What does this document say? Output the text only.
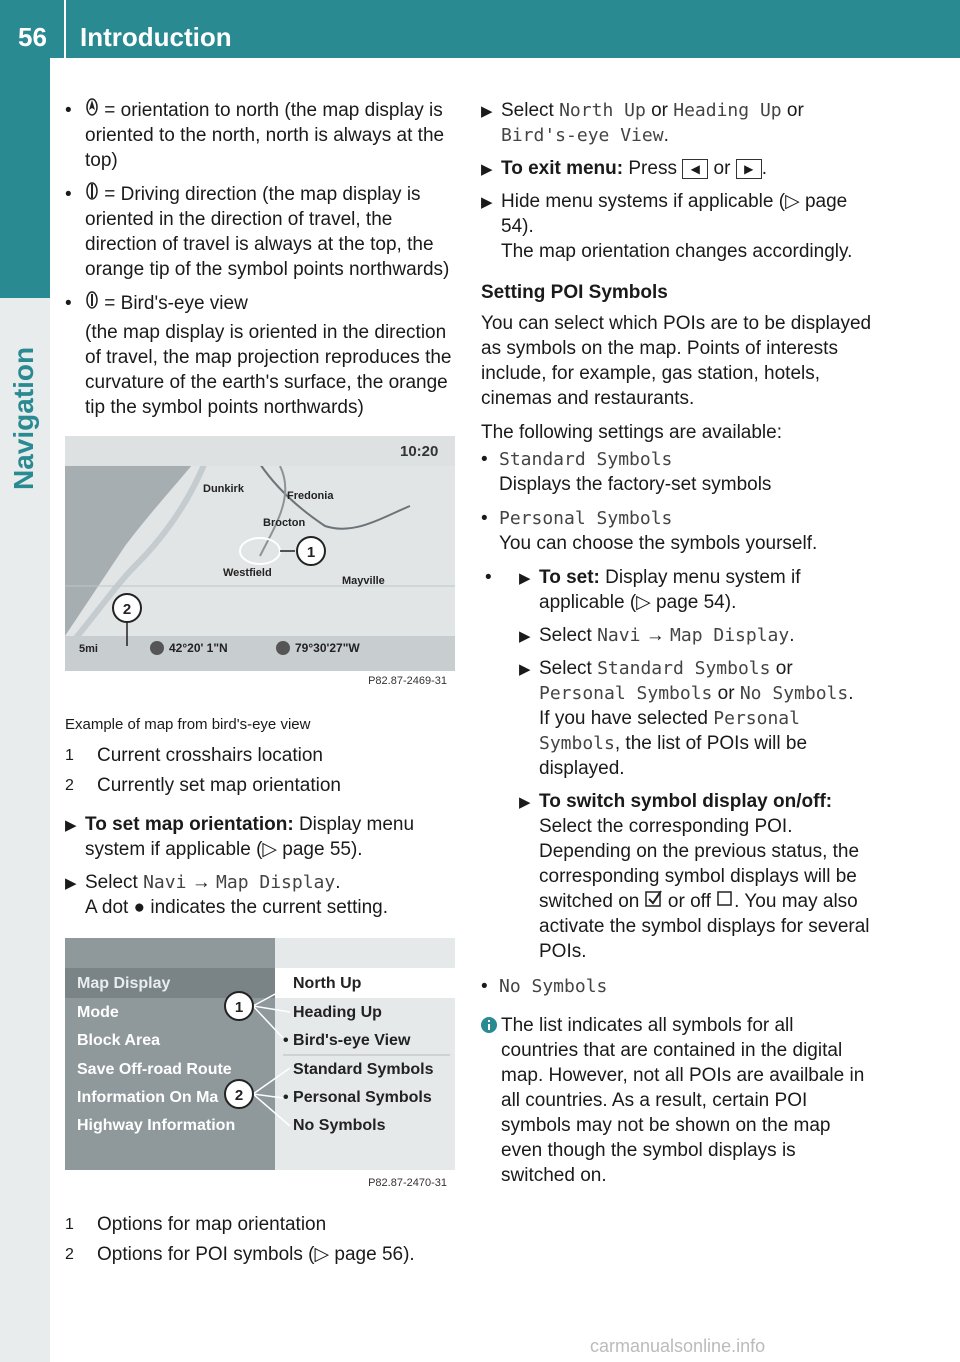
56 Introduction
Navigation
• = orientation to north (the map display is oriented to the north, north is always at the top)
• = Driving direction (the map display is oriented in the direction of travel, the direction of travel is always at the top, the orange tip of the symbol points northwards)
• = Bird's-eye view
(the map display is oriented in the direction of travel, the map projection reproduces the curvature of the earth's surface, the orange tip the symbol points northwards)
10:20
Dunkirk
Fredonia
Brocton
Westfield
Mayville
1
5mi	42°20' 1"N	79°30'27"W
2
P82.87-2469-31
Example of map from bird's-eye view
1 Current crosshairs location
2 Currently set map orientation
▶ To set map orientation: Display menu system if applicable (▷ page 55).
▶ Select Navi → Map Display.
A dot ● indicates the current setting.
Map Display
Mode
Block Area
Save Off-road Route
Information On Ma
Highway Information
North Up
Heading Up
• Bird's-eye View
Standard Symbols
• Personal Symbols
No Symbols
1
2
P82.87-2470-31
1 Options for map orientation
2 Options for POI symbols (▷ page 56).
▶ Select North Up or Heading Up or
Bird's-eye View.
▶ To exit menu: Press ◀ or ▶ .
▶ Hide menu systems if applicable (▷ page 54).
The map orientation changes accordingly.
Setting POI Symbols
You can select which POIs are to be displayed as symbols on the map. Points of interests include, for example, gas station, hotels, cinemas and restaurants.
The following settings are available:
• Standard Symbols
Displays the factory-set symbols
• Personal Symbols
You can choose the symbols yourself.
• ▶ To set: Display menu system if applicable (▷ page 54).
▶ Select Navi → Map Display.
▶ Select Standard Symbols or
Personal Symbols or No Symbols.
If you have selected Personal Symbols, the list of POIs will be displayed.
▶ To switch symbol display on/off:
Select the corresponding POI. Depending on the previous status, the corresponding symbol displays will be switched on or off . You may also activate the symbol displays for several POIs.
• No Symbols
The list indicates all symbols for all countries that are contained in the digital map. However, not all POIs are availbale in all countries. As a result, certain POI symbols may not be shown on the map even though the symbol displays is switched on.
carmanualsonline.info
